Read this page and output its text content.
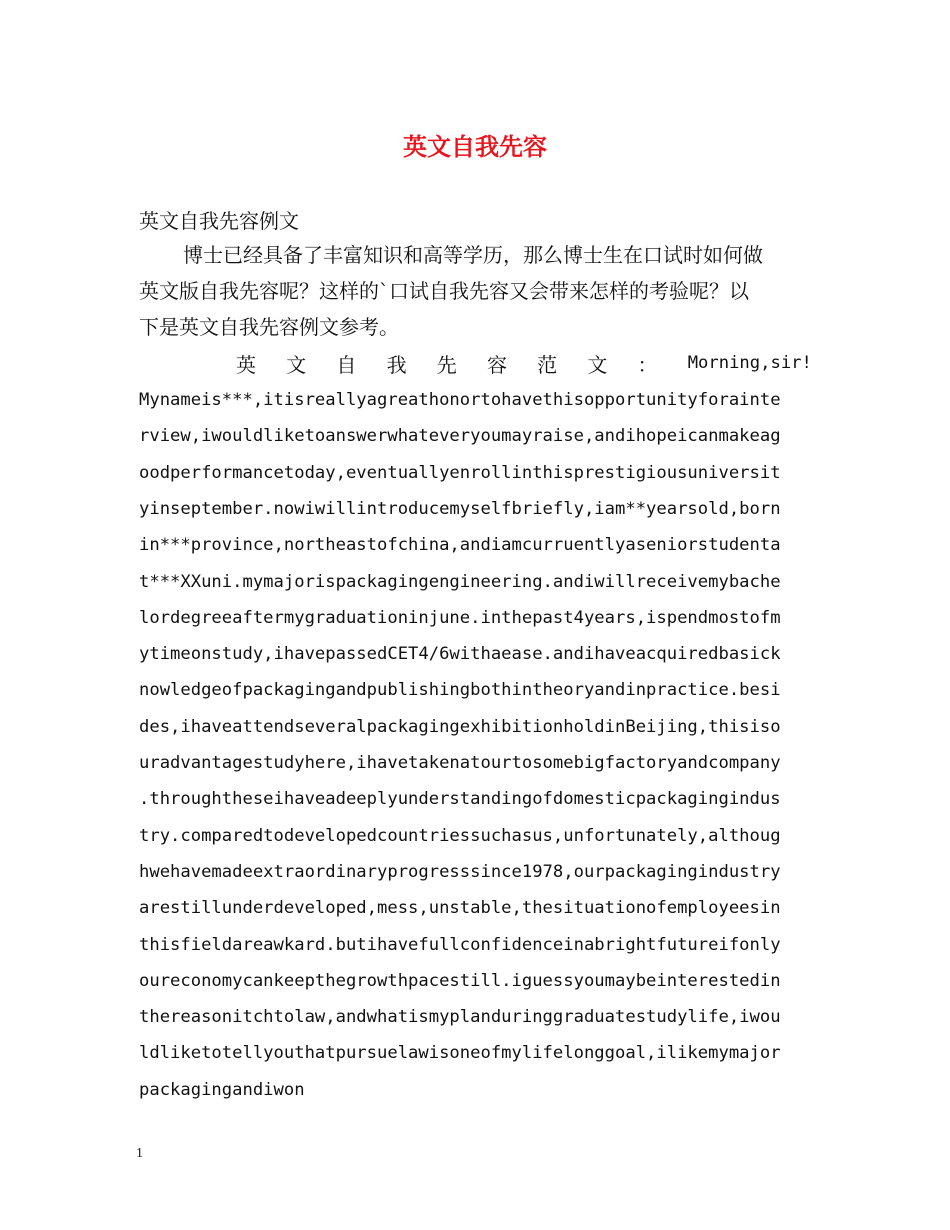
英文自我先容
英文自我先容例文
博士已经具备了丰富知识和高等学历，那么博士生在口试时如何做
英文版自我先容呢？这样的`口试自我先容又会带来怎样的考验呢？以
下是英文自我先容例文参考。
英 文 自 我 先 容 范 文 ： Morning,sir!
Mynameis***,itisreallyagreathonortohavethisopportunityforainte
rview,iwouldliketoanswerwhateveryoumayraise,andihopeicanmakeag
oodperformancetoday,eventuallyenrollinthisprestigiousuniversit
yinseptember.nowiwillintroducemyselfbriefly,iam**yearsold,born
in***province,northeastofchina,andiamcurruentlyaseniorstudenta
t***XXuni.mymajorispackagingengineering.andiwillreceivemybache
lordegreeaftermygraduationinjune.inthepast4years,ispendmostofm
ytimeonstudy,ihavepassedCET4/6withaease.andihaveacquiredbasick
nowledgeofpackagingandpublishingbothintheoryandinpractice.besi
des,ihaveattendseveralpackagingexhibitionholdinBeijing,thisiso
uradvantagestudyhere,ihavetakenatourtosomebigfactoryandcompany
.throughtheseihaveadeeplyunderstandingofdomesticpackagingindus
try.comparedtodevelopedcountriessuchasus,unfortunately,althoug
hwehavemadeextraordinaryprogresssince1978,ourpackagingindustry
arestillunderdeveloped,mess,unstable,thesituationofemployeesin
thisfieldareawkard.butihavefullconfidenceinabrightfutureifonly
oureconomycankeepthegrowthpacestill.iguessyoumaybeinterestedin
thereasonitchtolaw,andwhatismyplanduringgraduatestudylife,iwou
ldliketotellyouthatpursuelawisoneofmylifelonggoal,ilikemymajor
packagingandiwon
1
